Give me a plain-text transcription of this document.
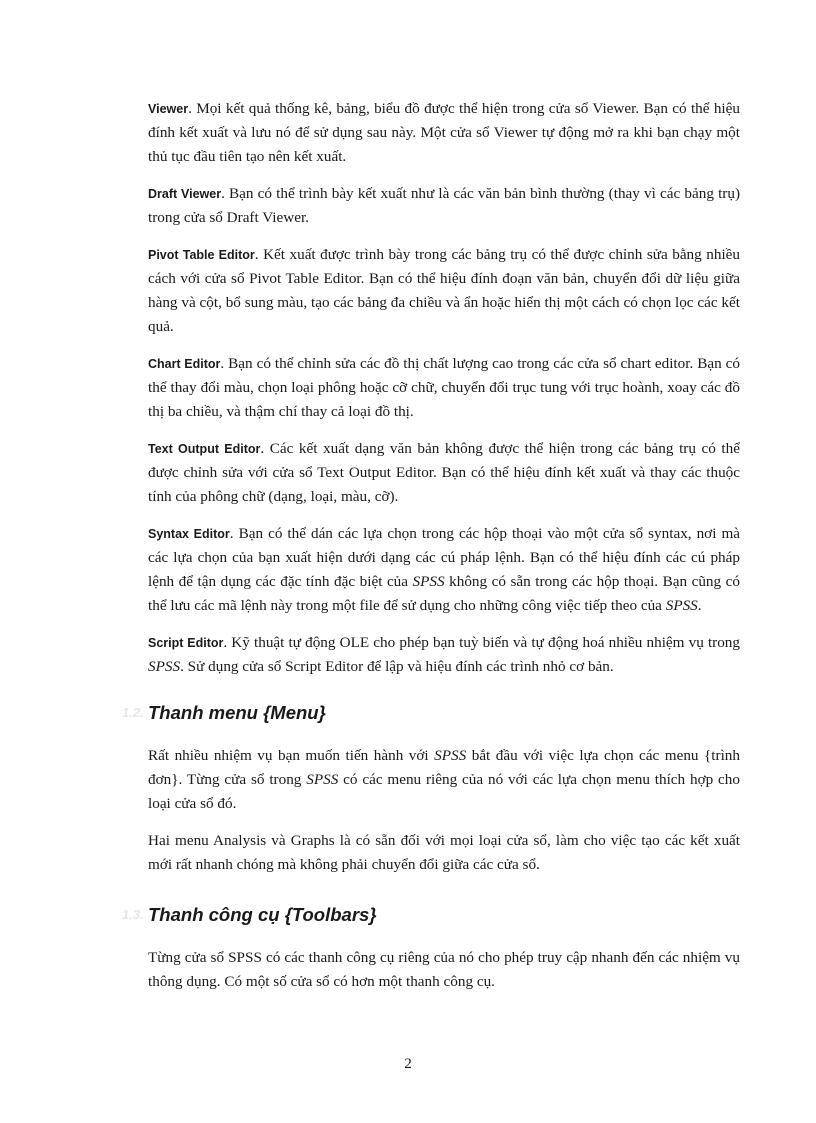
Viewer. Mọi kết quả thống kê, bảng, biểu đồ được thể hiện trong cửa sổ Viewer. Bạn có thể hiệu đính kết xuất và lưu nó để sử dụng sau này. Một cửa sổ Viewer tự động mở ra khi bạn chạy một thủ tục đầu tiên tạo nên kết xuất.

Draft Viewer. Bạn có thể trình bày kết xuất như là các văn bản bình thường (thay vì các bảng trụ) trong cửa sổ Draft Viewer.

Pivot Table Editor. Kết xuất được trình bày trong các bảng trụ có thể được chỉnh sửa bằng nhiều cách với cửa sổ Pivot Table Editor. Bạn có thể hiệu đính đoạn văn bản, chuyển đổi dữ liệu giữa hàng và cột, bổ sung màu, tạo các bảng đa chiều và ẩn hoặc hiển thị một cách có chọn lọc các kết quả.

Chart Editor. Bạn có thể chỉnh sửa các đồ thị chất lượng cao trong các cửa sổ chart editor. Bạn có thể thay đổi màu, chọn loại phông hoặc cỡ chữ, chuyển đổi trục tung với trục hoành, xoay các đồ thị ba chiều, và thậm chí thay cả loại đồ thị.

Text Output Editor. Các kết xuất dạng văn bản không được thể hiện trong các bảng trụ có thể được chỉnh sửa với cửa sổ Text Output Editor. Bạn có thể hiệu đính kết xuất và thay các thuộc tính của phông chữ (dạng, loại, màu, cỡ).

Syntax Editor. Bạn có thể dán các lựa chọn trong các hộp thoại vào một cửa sổ syntax, nơi mà các lựa chọn của bạn xuất hiện dưới dạng các cú pháp lệnh. Bạn có thể hiệu đính các cú pháp lệnh để tận dụng các đặc tính đặc biệt của SPSS không có sẵn trong các hộp thoại. Bạn cũng có thể lưu các mã lệnh này trong một file để sử dụng cho những công việc tiếp theo của SPSS.

Script Editor. Kỹ thuật tự động OLE cho phép bạn tuỳ biến và tự động hoá nhiều nhiệm vụ trong SPSS. Sử dụng cửa sổ Script Editor để lập và hiệu đính các trình nhỏ cơ bản.

1.2. Thanh menu {Menu}

Rất nhiều nhiệm vụ bạn muốn tiến hành với SPSS bắt đầu với việc lựa chọn các menu {trình đơn}. Từng cửa sổ trong SPSS có các menu riêng của nó với các lựa chọn menu thích hợp cho loại cửa sổ đó.

Hai menu Analysis và Graphs là có sẵn đối với mọi loại cửa sổ, làm cho việc tạo các kết xuất mới rất nhanh chóng mà không phải chuyển đổi giữa các cửa sổ.

1.3. Thanh công cụ {Toolbars}

Từng cửa sổ SPSS có các thanh công cụ riêng của nó cho phép truy cập nhanh đến các nhiệm vụ thông dụng. Có một số cửa sổ có hơn một thanh công cụ.

2
